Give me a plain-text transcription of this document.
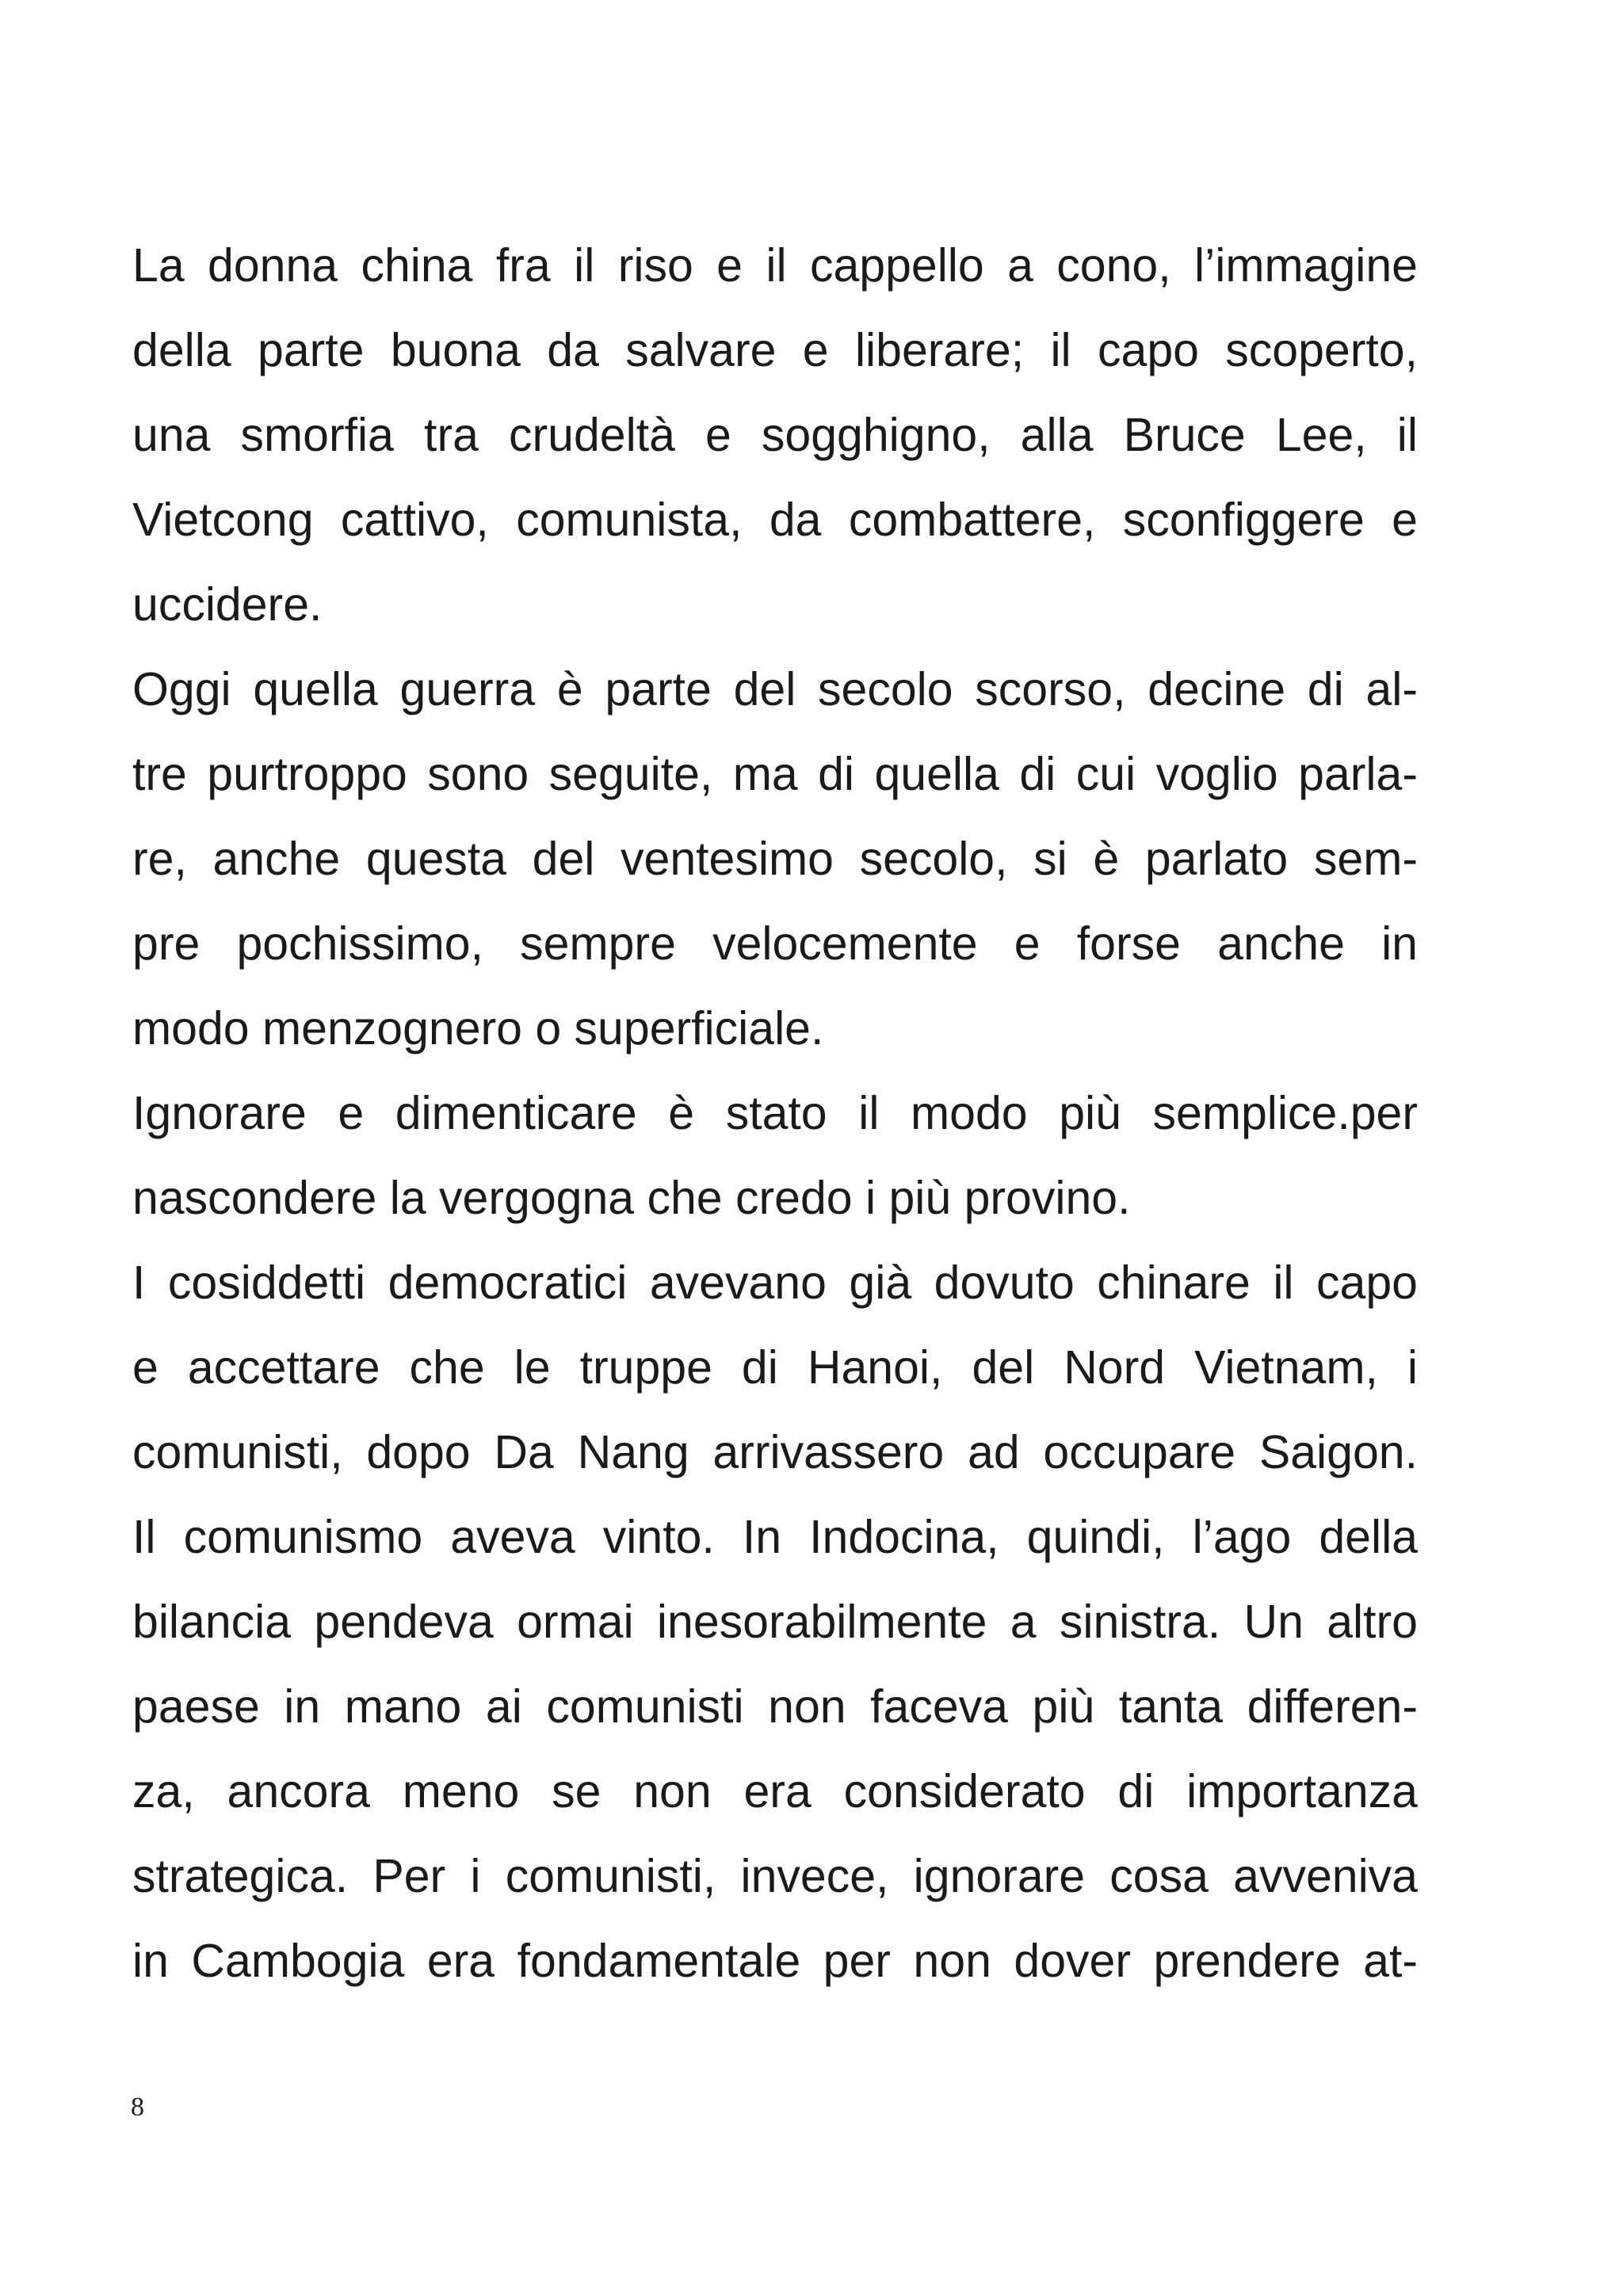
La donna china fra il riso e il cappello a cono, l’immagine
della parte buona da salvare e liberare; il capo scoperto,
una smorfia tra crudeltà e sogghigno, alla Bruce Lee, il
Vietcong cattivo, comunista, da combattere, sconfiggere e
uccidere.
Oggi quella guerra è parte del secolo scorso, decine di al-
tre purtroppo sono seguite, ma di quella di cui voglio parla-
re, anche questa del ventesimo secolo, si è parlato sem-
pre pochissimo, sempre velocemente e forse anche in
modo menzognero o superficiale.
Ignorare e dimenticare è stato il modo più semplice.per
nascondere la vergogna che credo i più provino.
I cosiddetti democratici avevano già dovuto chinare il capo
e accettare che le truppe di Hanoi, del Nord Vietnam, i
comunisti, dopo Da Nang arrivassero ad occupare Saigon.
Il comunismo aveva vinto. In Indocina, quindi, l’ago della
bilancia pendeva ormai inesorabilmente a sinistra. Un altro
paese in mano ai comunisti non faceva più tanta differen-
za, ancora meno se non era considerato di importanza
strategica. Per i comunisti, invece, ignorare cosa avveniva
in Cambogia era fondamentale per non dover prendere at-
8
